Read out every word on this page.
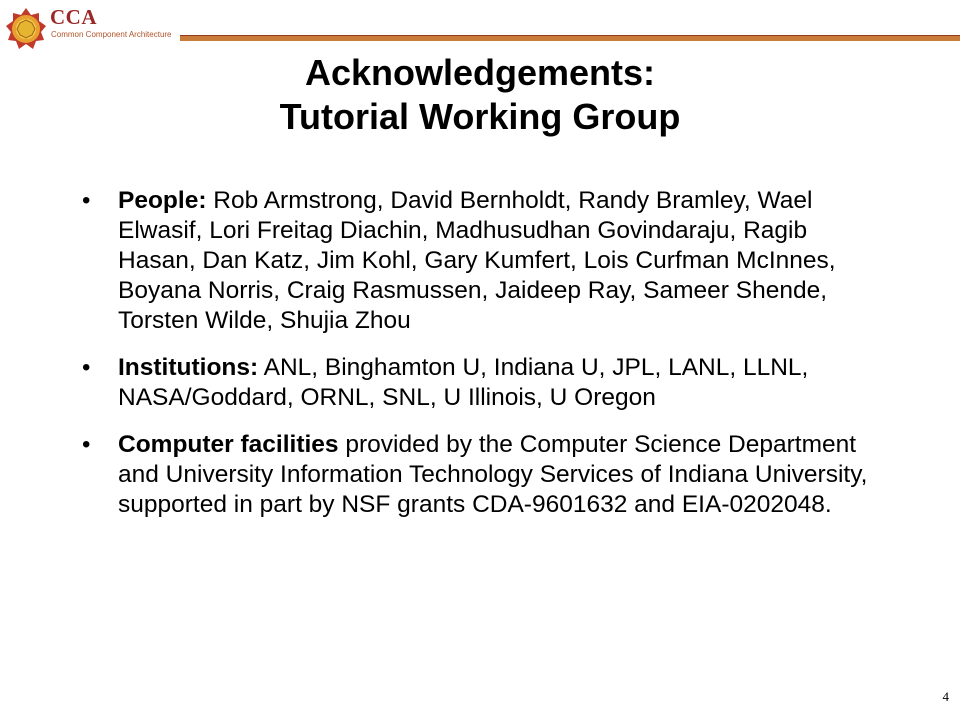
CCA
Common Component Architecture
Acknowledgements:
Tutorial Working Group
• People: Rob Armstrong, David Bernholdt, Randy Bramley, Wael Elwasif, Lori Freitag Diachin, Madhusudhan Govindaraju, Ragib Hasan, Dan Katz, Jim Kohl, Gary Kumfert, Lois Curfman McInnes, Boyana Norris, Craig Rasmussen, Jaideep Ray, Sameer Shende, Torsten Wilde, Shujia Zhou
• Institutions: ANL, Binghamton U, Indiana U, JPL, LANL, LLNL, NASA/Goddard, ORNL, SNL, U Illinois, U Oregon
• Computer facilities provided by the Computer Science Department and University Information Technology Services of Indiana University, supported in part by NSF grants CDA-9601632 and EIA-0202048.
4
